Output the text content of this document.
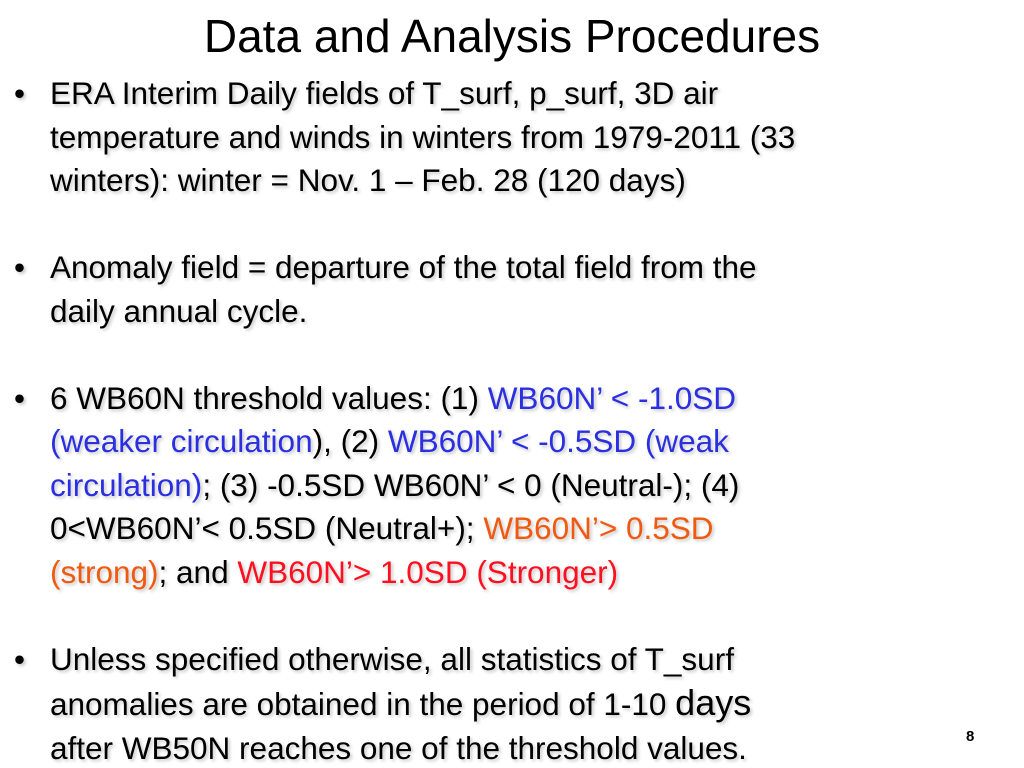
Data and Analysis Procedures
• ERA Interim Daily fields of T_surf, p_surf, 3D air
temperature and winds in winters from 1979-2011 (33
winters): winter = Nov. 1 – Feb. 28 (120 days)
• Anomaly field = departure of the total field from the
daily annual cycle.
• 6 WB60N threshold values: (1) WB60N’ < -1.0SD
(weaker circulation), (2) WB60N’ < -0.5SD (weak
circulation); (3) -0.5SD WB60N’ < 0 (Neutral-); (4)
0<WB60N’< 0.5SD (Neutral+); WB60N’> 0.5SD
(strong); and WB60N’> 1.0SD (Stronger)
• Unless specified otherwise, all statistics of T_surf
anomalies are obtained in the period of 1-10 days
after WB50N reaches one of the threshold values.	8
